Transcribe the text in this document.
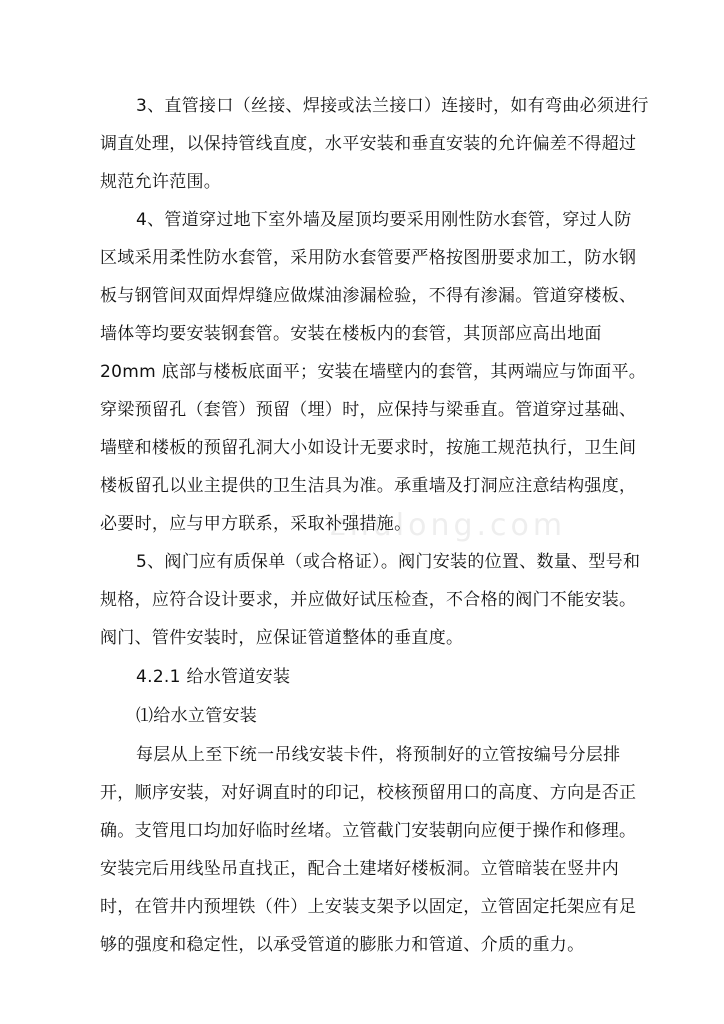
zhulong.com
3、直管接口（丝接、焊接或法兰接口）连接时，如有弯曲必须进行
调直处理，以保持管线直度，水平安装和垂直安装的允许偏差不得超过
规范允许范围。
4、管道穿过地下室外墙及屋顶均要采用刚性防水套管，穿过人防
区域采用柔性防水套管，采用防水套管要严格按图册要求加工，防水钢
板与钢管间双面焊焊缝应做煤油渗漏检验，不得有渗漏。管道穿楼板、
墙体等均要安装钢套管。安装在楼板内的套管，其顶部应高出地面
20mm 底部与楼板底面平；安装在墙壁内的套管，其两端应与饰面平。
穿梁预留孔（套管）预留（埋）时，应保持与梁垂直。管道穿过基础、
墙壁和楼板的预留孔洞大小如设计无要求时，按施工规范执行，卫生间
楼板留孔以业主提供的卫生洁具为准。承重墙及打洞应注意结构强度，
必要时，应与甲方联系，采取补强措施。
5、阀门应有质保单（或合格证）。阀门安装的位置、数量、型号和
规格，应符合设计要求，并应做好试压检查，不合格的阀门不能安装。
阀门、管件安装时，应保证管道整体的垂直度。
4.2.1 给水管道安装
⑴给水立管安装
每层从上至下统一吊线安装卡件，将预制好的立管按编号分层排
开，顺序安装，对好调直时的印记，校核预留用口的高度、方向是否正
确。支管甩口均加好临时丝堵。立管截门安装朝向应便于操作和修理。
安装完后用线坠吊直找正，配合土建堵好楼板洞。立管暗装在竖井内
时，在管井内预埋铁（件）上安装支架予以固定，立管固定托架应有足
够的强度和稳定性，以承受管道的膨胀力和管道、介质的重力。
